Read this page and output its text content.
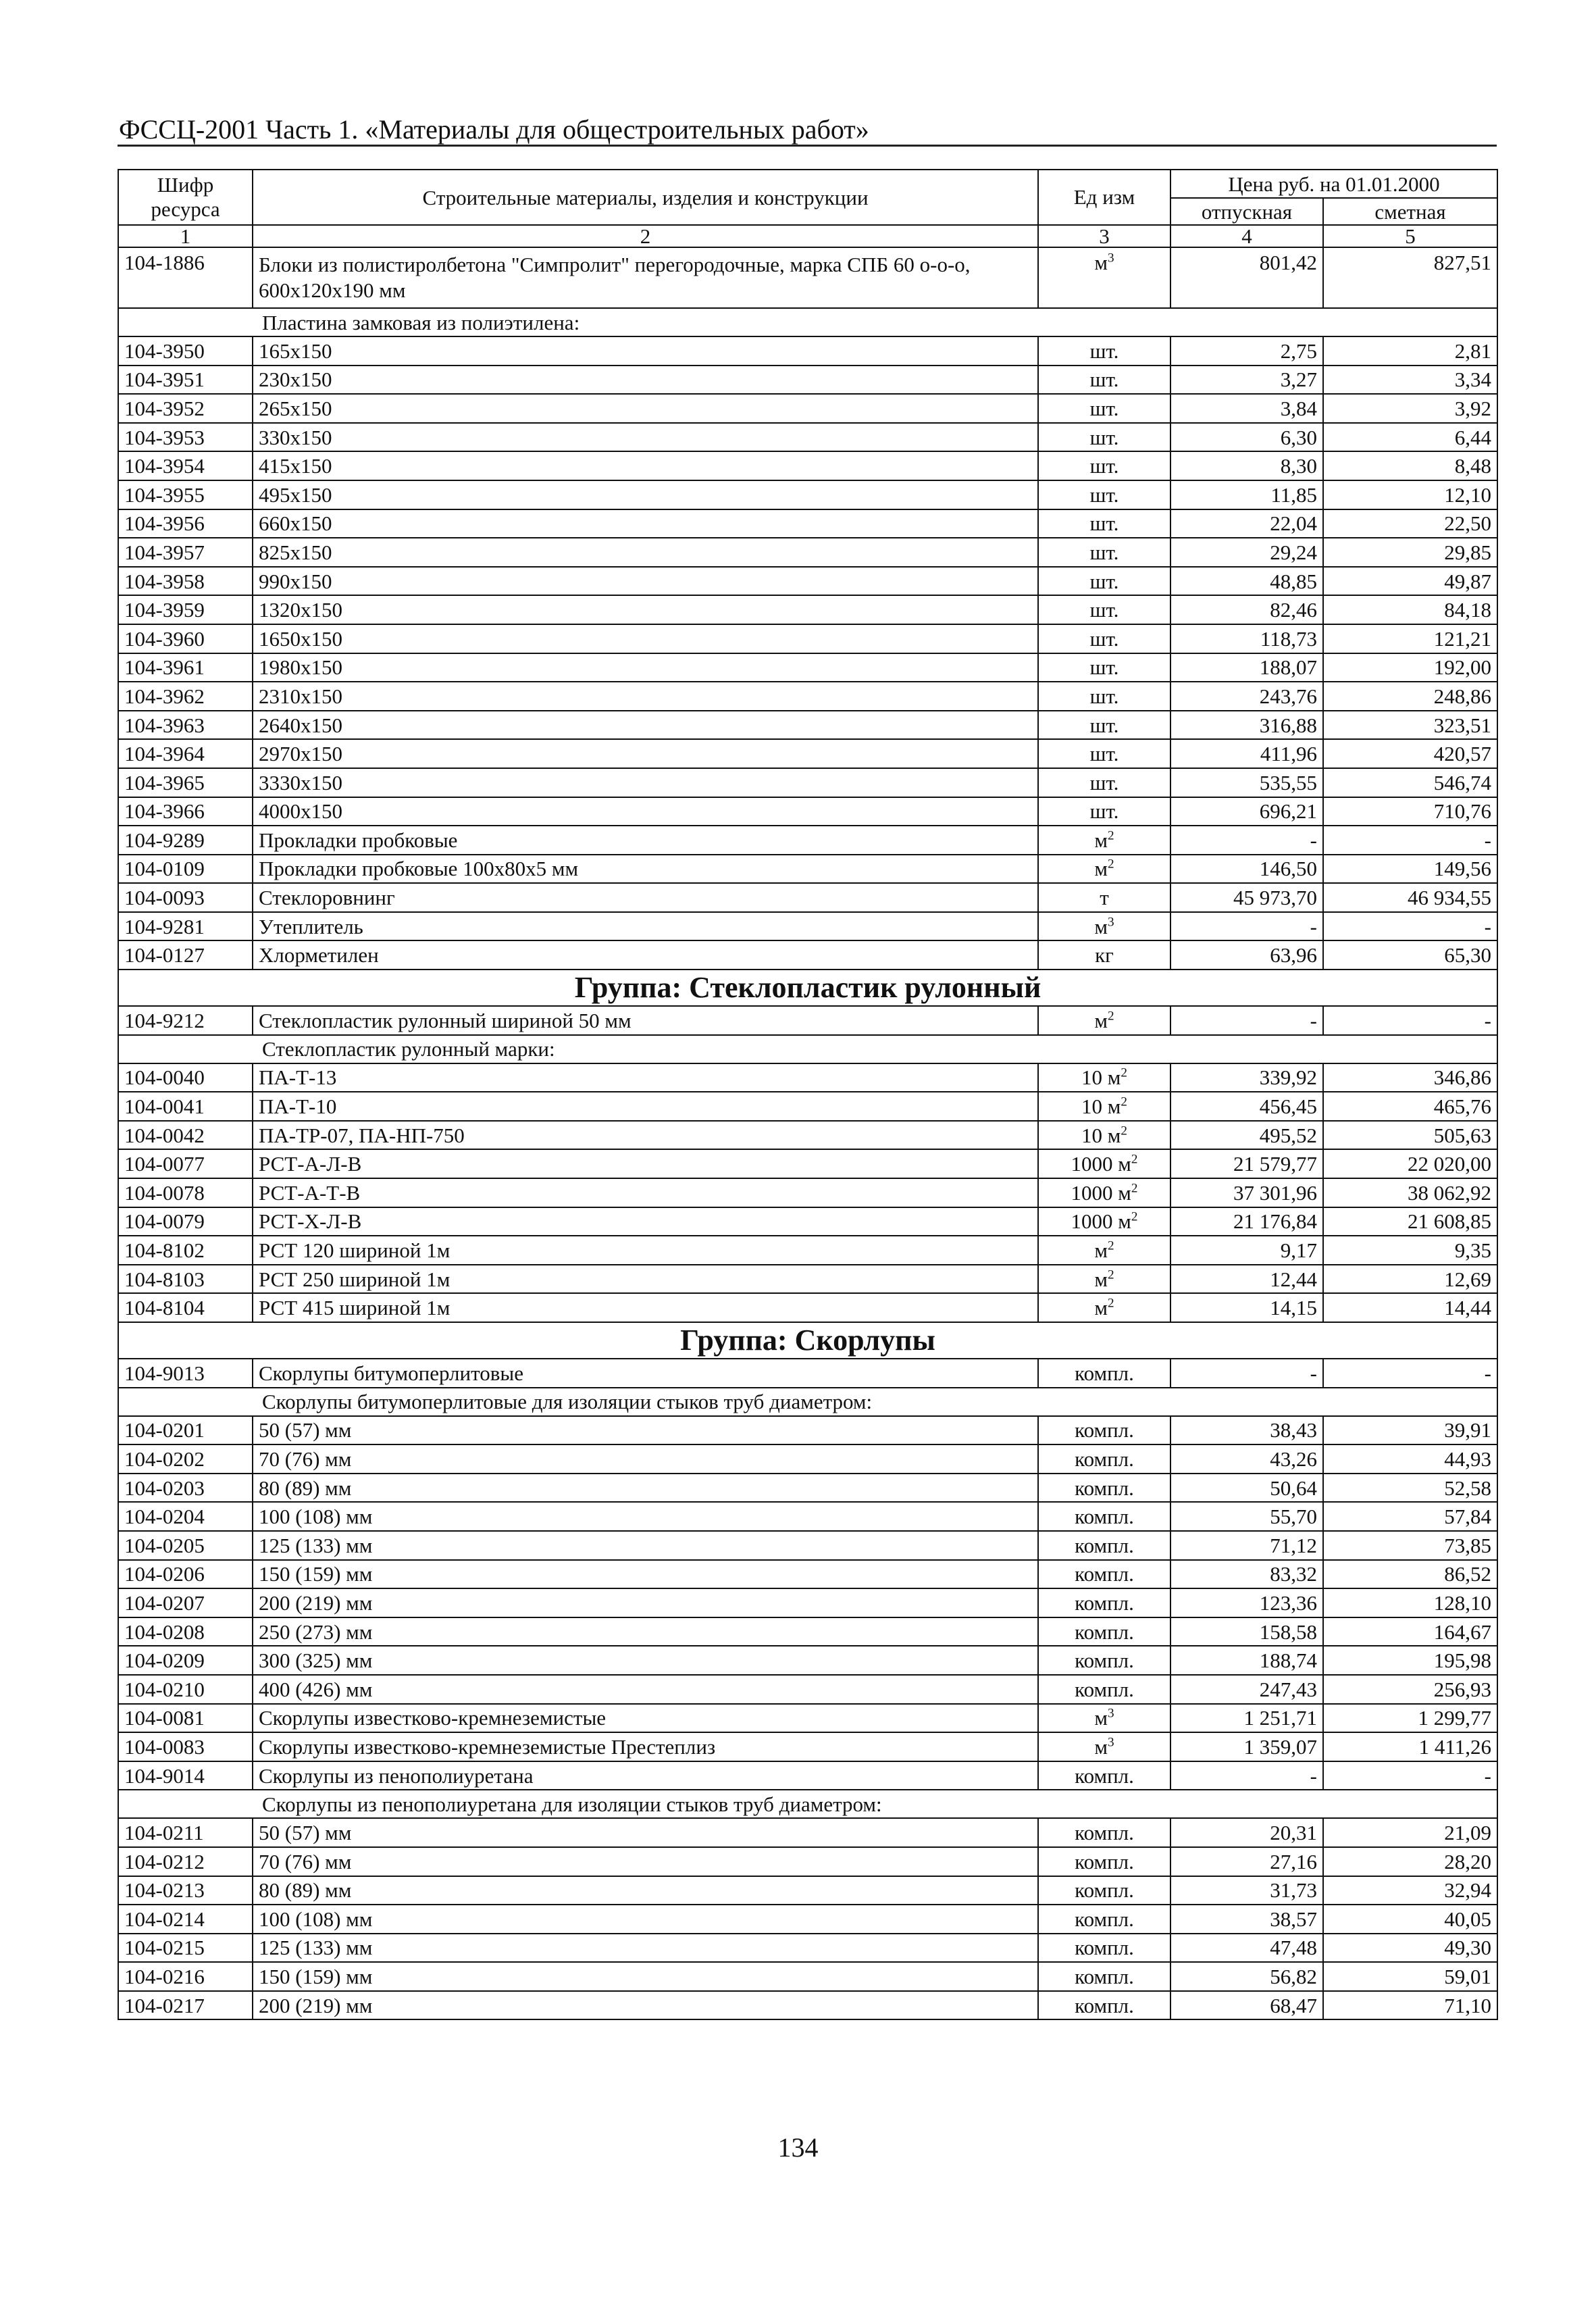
ФССЦ-2001 Часть 1. «Материалы для общестроительных работ»
Шифр ресурса	Строительные материалы, изделия и конструкции	Ед изм	Цена руб. на 01.01.2000	
			отпускная	сметная
1	2	3	4	5
104-1886	Блоки из полистиролбетона "Симпролит" перегородочные, марка СПБ 60 о-о-о, 600x120x190 мм	$м^3$	801,42	827,51
Пластина замковая из полиэтилена:				
104-3950	165x150	шт.	2,75	2,81
104-3951	230x150	шт.	3,27	3,34
104-3952	265x150	шт.	3,84	3,92
104-3953	330x150	шт.	6,30	6,44
104-3954	415x150	шт.	8,30	8,48
104-3955	495x150	шт.	11,85	12,10
104-3956	660x150	шт.	22,04	22,50
104-3957	825x150	шт.	29,24	29,85
104-3958	990x150	шт.	48,85	49,87
104-3959	1320x150	шт.	82,46	84,18
104-3960	1650x150	шт.	118,73	121,21
104-3961	1980x150	шт.	188,07	192,00
104-3962	2310x150	шт.	243,76	248,86
104-3963	2640x150	шт.	316,88	323,51
104-3964	2970x150	шт.	411,96	420,57
104-3965	3330x150	шт.	535,55	546,74
104-3966	4000x150	шт.	696,21	710,76
104-9289	Прокладки пробковые	$м^2$	-	-
104-0109	Прокладки пробковые 100x80x5 мм	$м^2$	146,50	149,56
104-0093	Стеклоровнинг	т	45 973,70	46 934,55
104-9281	Утеплитель	$м^3$	-	-
104-0127	Хлорметилен	кг	63,96	65,30
Группа: Стеклопластик рулонный				
104-9212	Стеклопластик рулонный шириной 50 мм	$м^2$	-	-
Стеклопластик рулонный марки:				
104-0040	ПА-Т-13	10 $м^2$	339,92	346,86
104-0041	ПА-Т-10	10 $м^2$	456,45	465,76
104-0042	ПА-ТР-07, ПА-НП-750	10 $м^2$	495,52	505,63
104-0077	РСТ-А-Л-В	1000 $м^2$	21 579,77	22 020,00
104-0078	РСТ-А-Т-В	1000 $м^2$	37 301,96	38 062,92
104-0079	РСТ-Х-Л-В	1000 $м^2$	21 176,84	21 608,85
104-8102	РСТ 120 шириной 1м	$м^2$	9,17	9,35
104-8103	РСТ 250 шириной 1м	$м^2$	12,44	12,69
104-8104	РСТ 415 шириной 1м	$м^2$	14,15	14,44
Группа: Скорлупы				
104-9013	Скорлупы битумоперлитовые	компл.	-	-
Скорлупы битумоперлитовые для изоляции стыков труб диаметром:				
104-0201	50 (57) мм	компл.	38,43	39,91
104-0202	70 (76) мм	компл.	43,26	44,93
104-0203	80 (89) мм	компл.	50,64	52,58
104-0204	100 (108) мм	компл.	55,70	57,84
104-0205	125 (133) мм	компл.	71,12	73,85
104-0206	150 (159) мм	компл.	83,32	86,52
104-0207	200 (219) мм	компл.	123,36	128,10
104-0208	250 (273) мм	компл.	158,58	164,67
104-0209	300 (325) мм	компл.	188,74	195,98
104-0210	400 (426) мм	компл.	247,43	256,93
104-0081	Скорлупы известково-кремнеземистые	$м^3$	1 251,71	1 299,77
104-0083	Скорлупы известково-кремнеземистые Престеплиз	$м^3$	1 359,07	1 411,26
104-9014	Скорлупы из пенополиуретана	компл.	-	-
Скорлупы из пенополиуретана для изоляции стыков труб диаметром:				
104-0211	50 (57) мм	компл.	20,31	21,09
104-0212	70 (76) мм	компл.	27,16	28,20
104-0213	80 (89) мм	компл.	31,73	32,94
104-0214	100 (108) мм	компл.	38,57	40,05
104-0215	125 (133) мм	компл.	47,48	49,30
104-0216	150 (159) мм	компл.	56,82	59,01
104-0217	200 (219) мм	компл.	68,47	71,10
134
